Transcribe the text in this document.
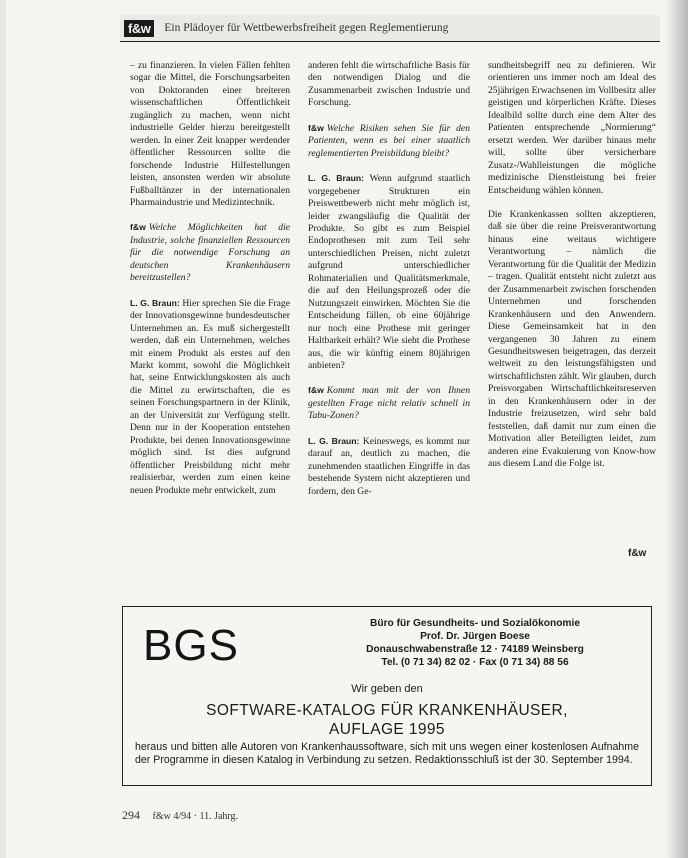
f&w	Ein Plädoyer für Wettbewerbsfreiheit gegen Reglementierung

– zu finanzieren. In vielen Fällen fehlten sogar die Mittel, die Forschungsarbeiten von Doktoranden einer breiteren wissenschaftlichen Öffentlichkeit zugänglich zu machen, wenn nicht industrielle Gelder hierzu bereitgestellt werden. In einer Zeit knapper werdender öffentlicher Ressourcen sollte die forschende Industrie Hilfestellungen leisten, ansonsten werden wir absolute Fußballtänzer in der internationalen Pharmaindustrie und Medizintechnik.

f&w Welche Möglichkeiten hat die Industrie, solche finanziellen Ressourcen für die notwendige Forschung an deutschen Krankenhäusern bereitzustellen?

L. G. Braun: Hier sprechen Sie die Frage der Innovationsgewinne bundesdeutscher Unternehmen an. Es muß sichergestellt werden, daß ein Unternehmen, welches mit einem Produkt als erstes auf den Markt kommt, sowohl die Möglichkeit hat, seine Entwicklungskosten als auch die Mittel zu erwirtschaften, die es seinen Forschungspartnern in der Klinik, an der Universität zur Verfügung stellt. Denn nur in der Kooperation entstehen Produkte, bei denen Innovationsgewinne möglich sind. Ist dies aufgrund öffentlicher Preisbildung nicht mehr realisierbar, werden zum einen keine neuen Produkte mehr entwickelt, zum

anderen fehlt die wirtschaftliche Basis für den notwendigen Dialog und die Zusammenarbeit zwischen Industrie und Forschung.

f&w Welche Risiken sehen Sie für den Patienten, wenn es bei einer staatlich reglementierten Preisbildung bleibt?

L. G. Braun: Wenn aufgrund staatlich vorgegebener Strukturen ein Preiswettbewerb nicht mehr möglich ist, leider zwangsläufig die Qualität der Produkte. So gibt es zum Beispiel Endoprothesen mit zum Teil sehr unterschiedlichen Preisen, nicht zuletzt aufgrund unterschiedlicher Rohmaterialien und Qualitätsmerkmale, die auf den Heilungsprozeß oder die Nutzungszeit einwirken. Möchten Sie die Entscheidung fällen, ob eine 60jährige nur noch eine Prothese mit geringer Haltbarkeit erhält? Wie sieht die Prothese aus, die wir künftig einem 80jährigen anbieten?

f&w Kommt man mit der von Ihnen gestellten Frage nicht relativ schnell in Tabu-Zonen?

L. G. Braun: Keineswegs, es kommt nur darauf an, deutlich zu machen, die zunehmenden staatlichen Eingriffe in das bestehende System nicht akzeptieren und fordern, den Ge-

sundheitsbegriff neu zu definieren. Wir orientieren uns immer noch am Ideal des 25jährigen Erwachsenen im Vollbesitz aller geistigen und körperlichen Kräfte. Dieses Idealbild sollte durch eine dem Alter des Patienten entsprechende „Normierung“ ersetzt werden. Wer darüber hinaus mehr will, sollte über versicherbare Zusatz-/Wahlleistungen die mögliche medizinische Dienstleistung bei freier Entscheidung wählen können.

Die Krankenkassen sollten akzeptieren, daß sie über die reine Preisverantwortung hinaus eine weitaus wichtigere Verantwortung – nämlich die Verantwortung für die Qualität der Medizin – tragen. Qualität entsteht nicht zuletzt aus der Zusammenarbeit zwischen forschenden Unternehmen und forschenden Krankenhäusern und den Anwendern. Diese Gemeinsamkeit hat in den vergangenen 30 Jahren zu einem Gesundheitswesen beigetragen, das derzeit weltweit zu den leistungsfähigsten und wirtschaftlichsten zählt. Wir glauben, durch Preisvorgaben Wirtschaftlichkeitsreserven in den Krankenhäusern oder in der Industrie freizusetzen, wird sehr bald feststellen, daß damit nur zum einen die Motivation aller Beteiligten leidet, zum anderen eine Evakuierung von Know-how aus diesem Land die Folge ist.

f&w
BGS	Büro für Gesundheits- und Sozialökonomie
Prof. Dr. Jürgen Boese
Donauschwabenstraße 12 · 74189 Weinsberg
Tel. (0 71 34) 82 02 · Fax (0 71 34) 88 56
Wir geben den
SOFTWARE-KATALOG FÜR KRANKENHÄUSER,
AUFLAGE 1995
heraus und bitten alle Autoren von Krankenhaussoftware, sich mit uns wegen einer kostenlosen Aufnahme der Programme in diesen Katalog in Verbindung zu setzen. Redaktionsschluß ist der 30. September 1994.
294 f&w 4/94 · 11. Jahrg.
